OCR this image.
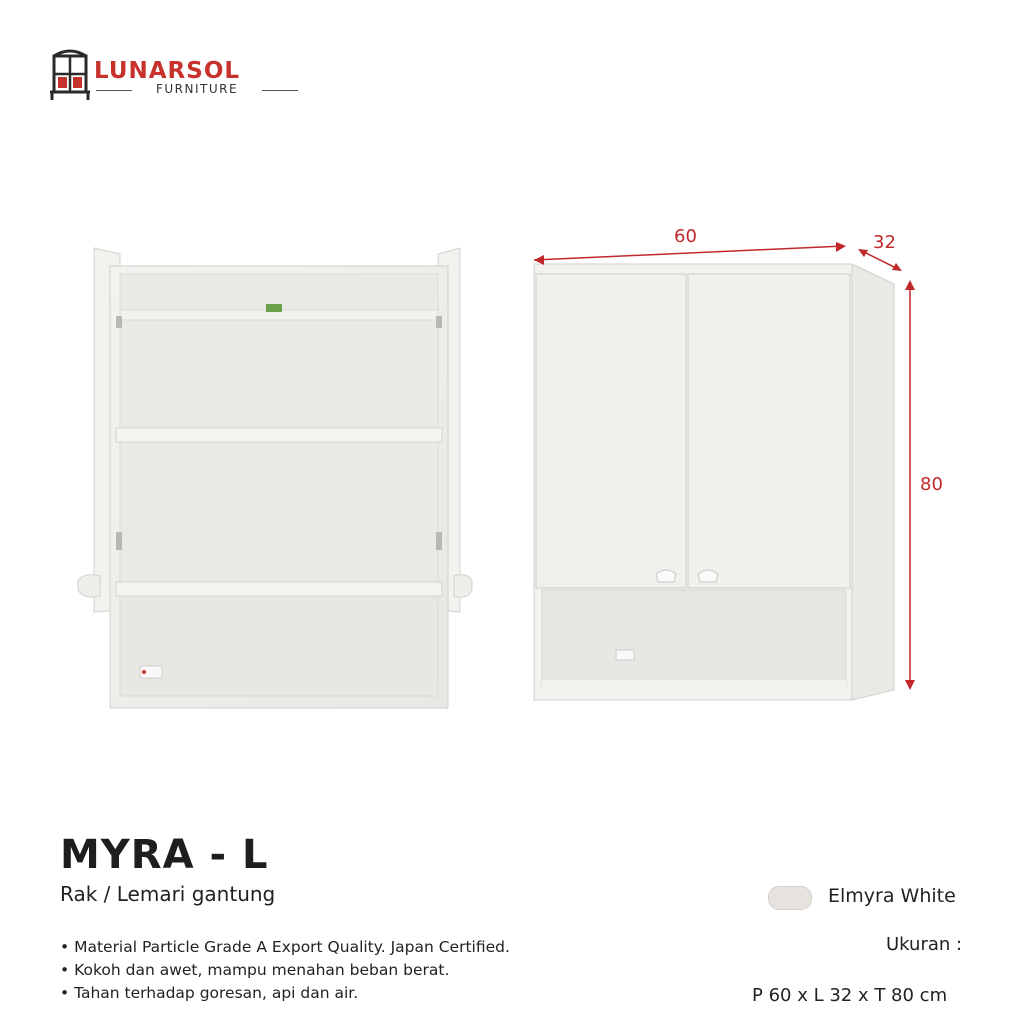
LUNARSOL
FURNITURE
60	32
80
MYRA - L
Rak / Lemari gantung
• Material Particle Grade A Export Quality. Japan Certified.
• Kokoh dan awet, mampu menahan beban berat.
• Tahan terhadap goresan, api dan air.
Elmyra White
Ukuran :
P 60 x L 32 x T 80 cm
